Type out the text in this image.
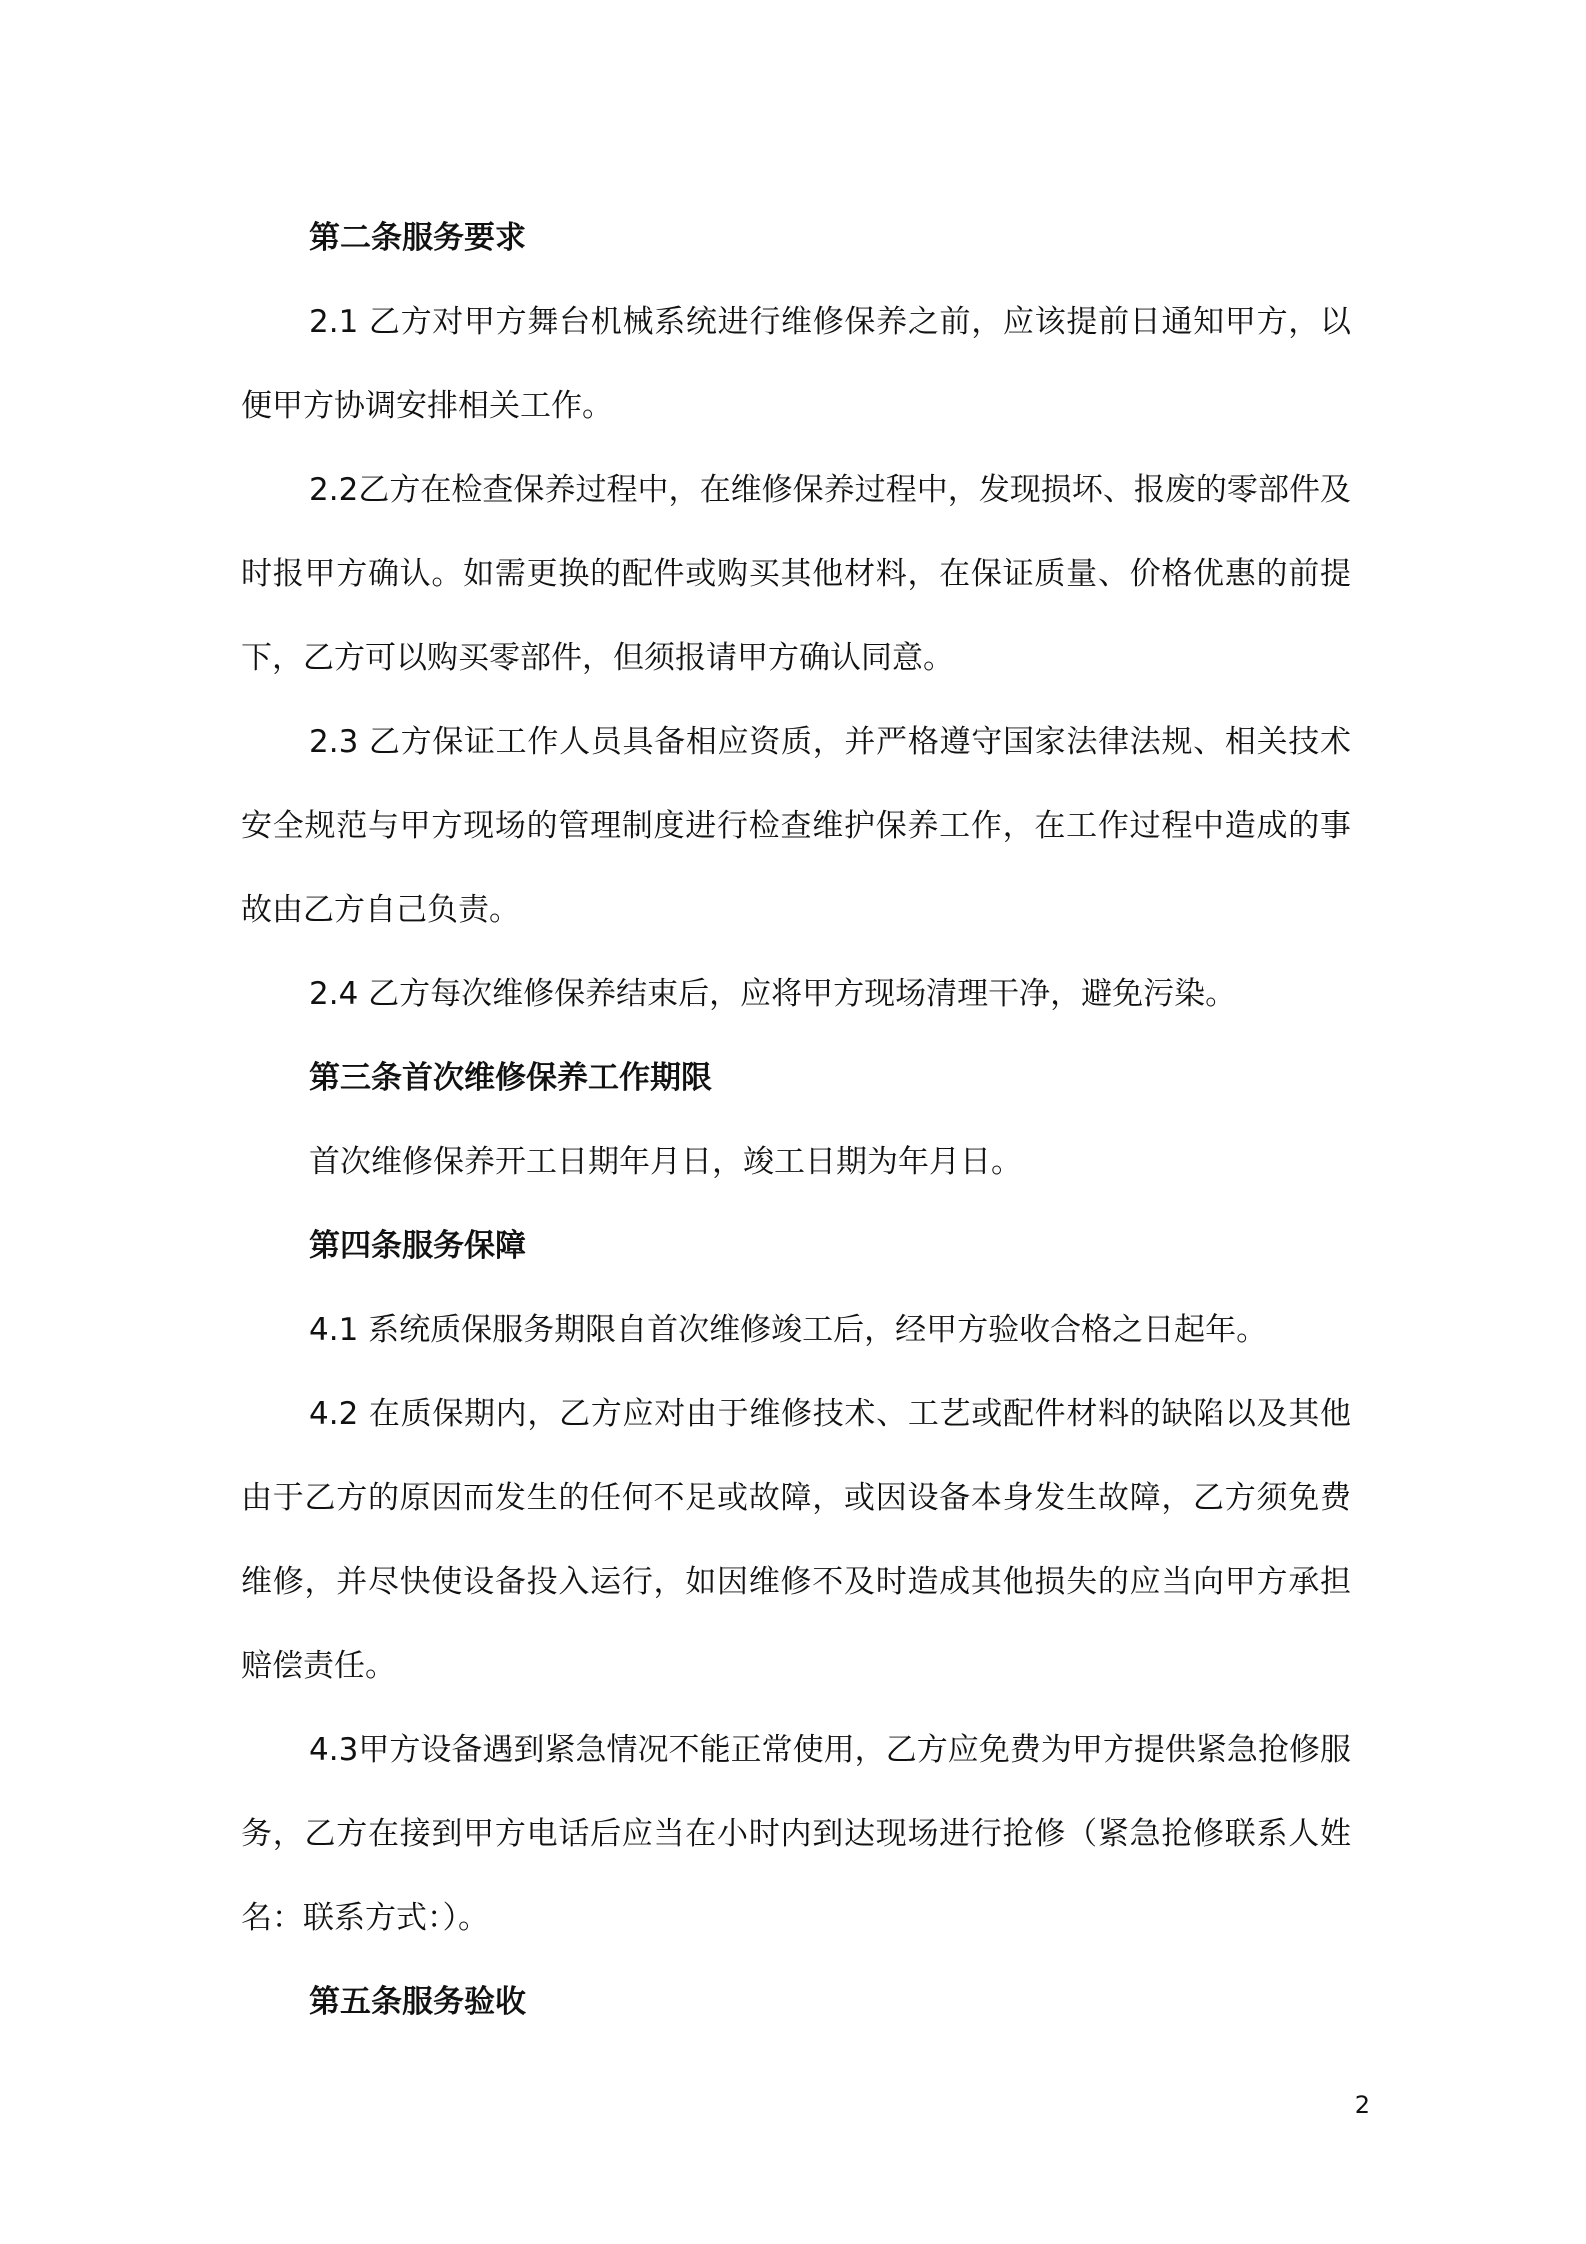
第二条服务要求

2.1 乙方对甲方舞台机械系统进行维修保养之前，应该提前日通知甲方，以便甲方协调安排相关工作。

2.2乙方在检查保养过程中，在维修保养过程中，发现损坏、报废的零部件及时报甲方确认。如需更换的配件或购买其他材料，在保证质量、价格优惠的前提下，乙方可以购买零部件，但须报请甲方确认同意。

2.3 乙方保证工作人员具备相应资质，并严格遵守国家法律法规、相关技术安全规范与甲方现场的管理制度进行检查维护保养工作，在工作过程中造成的事故由乙方自己负责。

2.4 乙方每次维修保养结束后，应将甲方现场清理干净，避免污染。

第三条首次维修保养工作期限

首次维修保养开工日期年月日，竣工日期为年月日。

第四条服务保障

4.1 系统质保服务期限自首次维修竣工后，经甲方验收合格之日起年。

4.2 在质保期内，乙方应对由于维修技术、工艺或配件材料的缺陷以及其他由于乙方的原因而发生的任何不足或故障，或因设备本身发生故障，乙方须免费维修，并尽快使设备投入运行，如因维修不及时造成其他损失的应当向甲方承担赔偿责任。

4.3甲方设备遇到紧急情况不能正常使用，乙方应免费为甲方提供紧急抢修服务，乙方在接到甲方电话后应当在小时内到达现场进行抢修（紧急抢修联系人姓名：联系方式：）。

第五条服务验收

2
